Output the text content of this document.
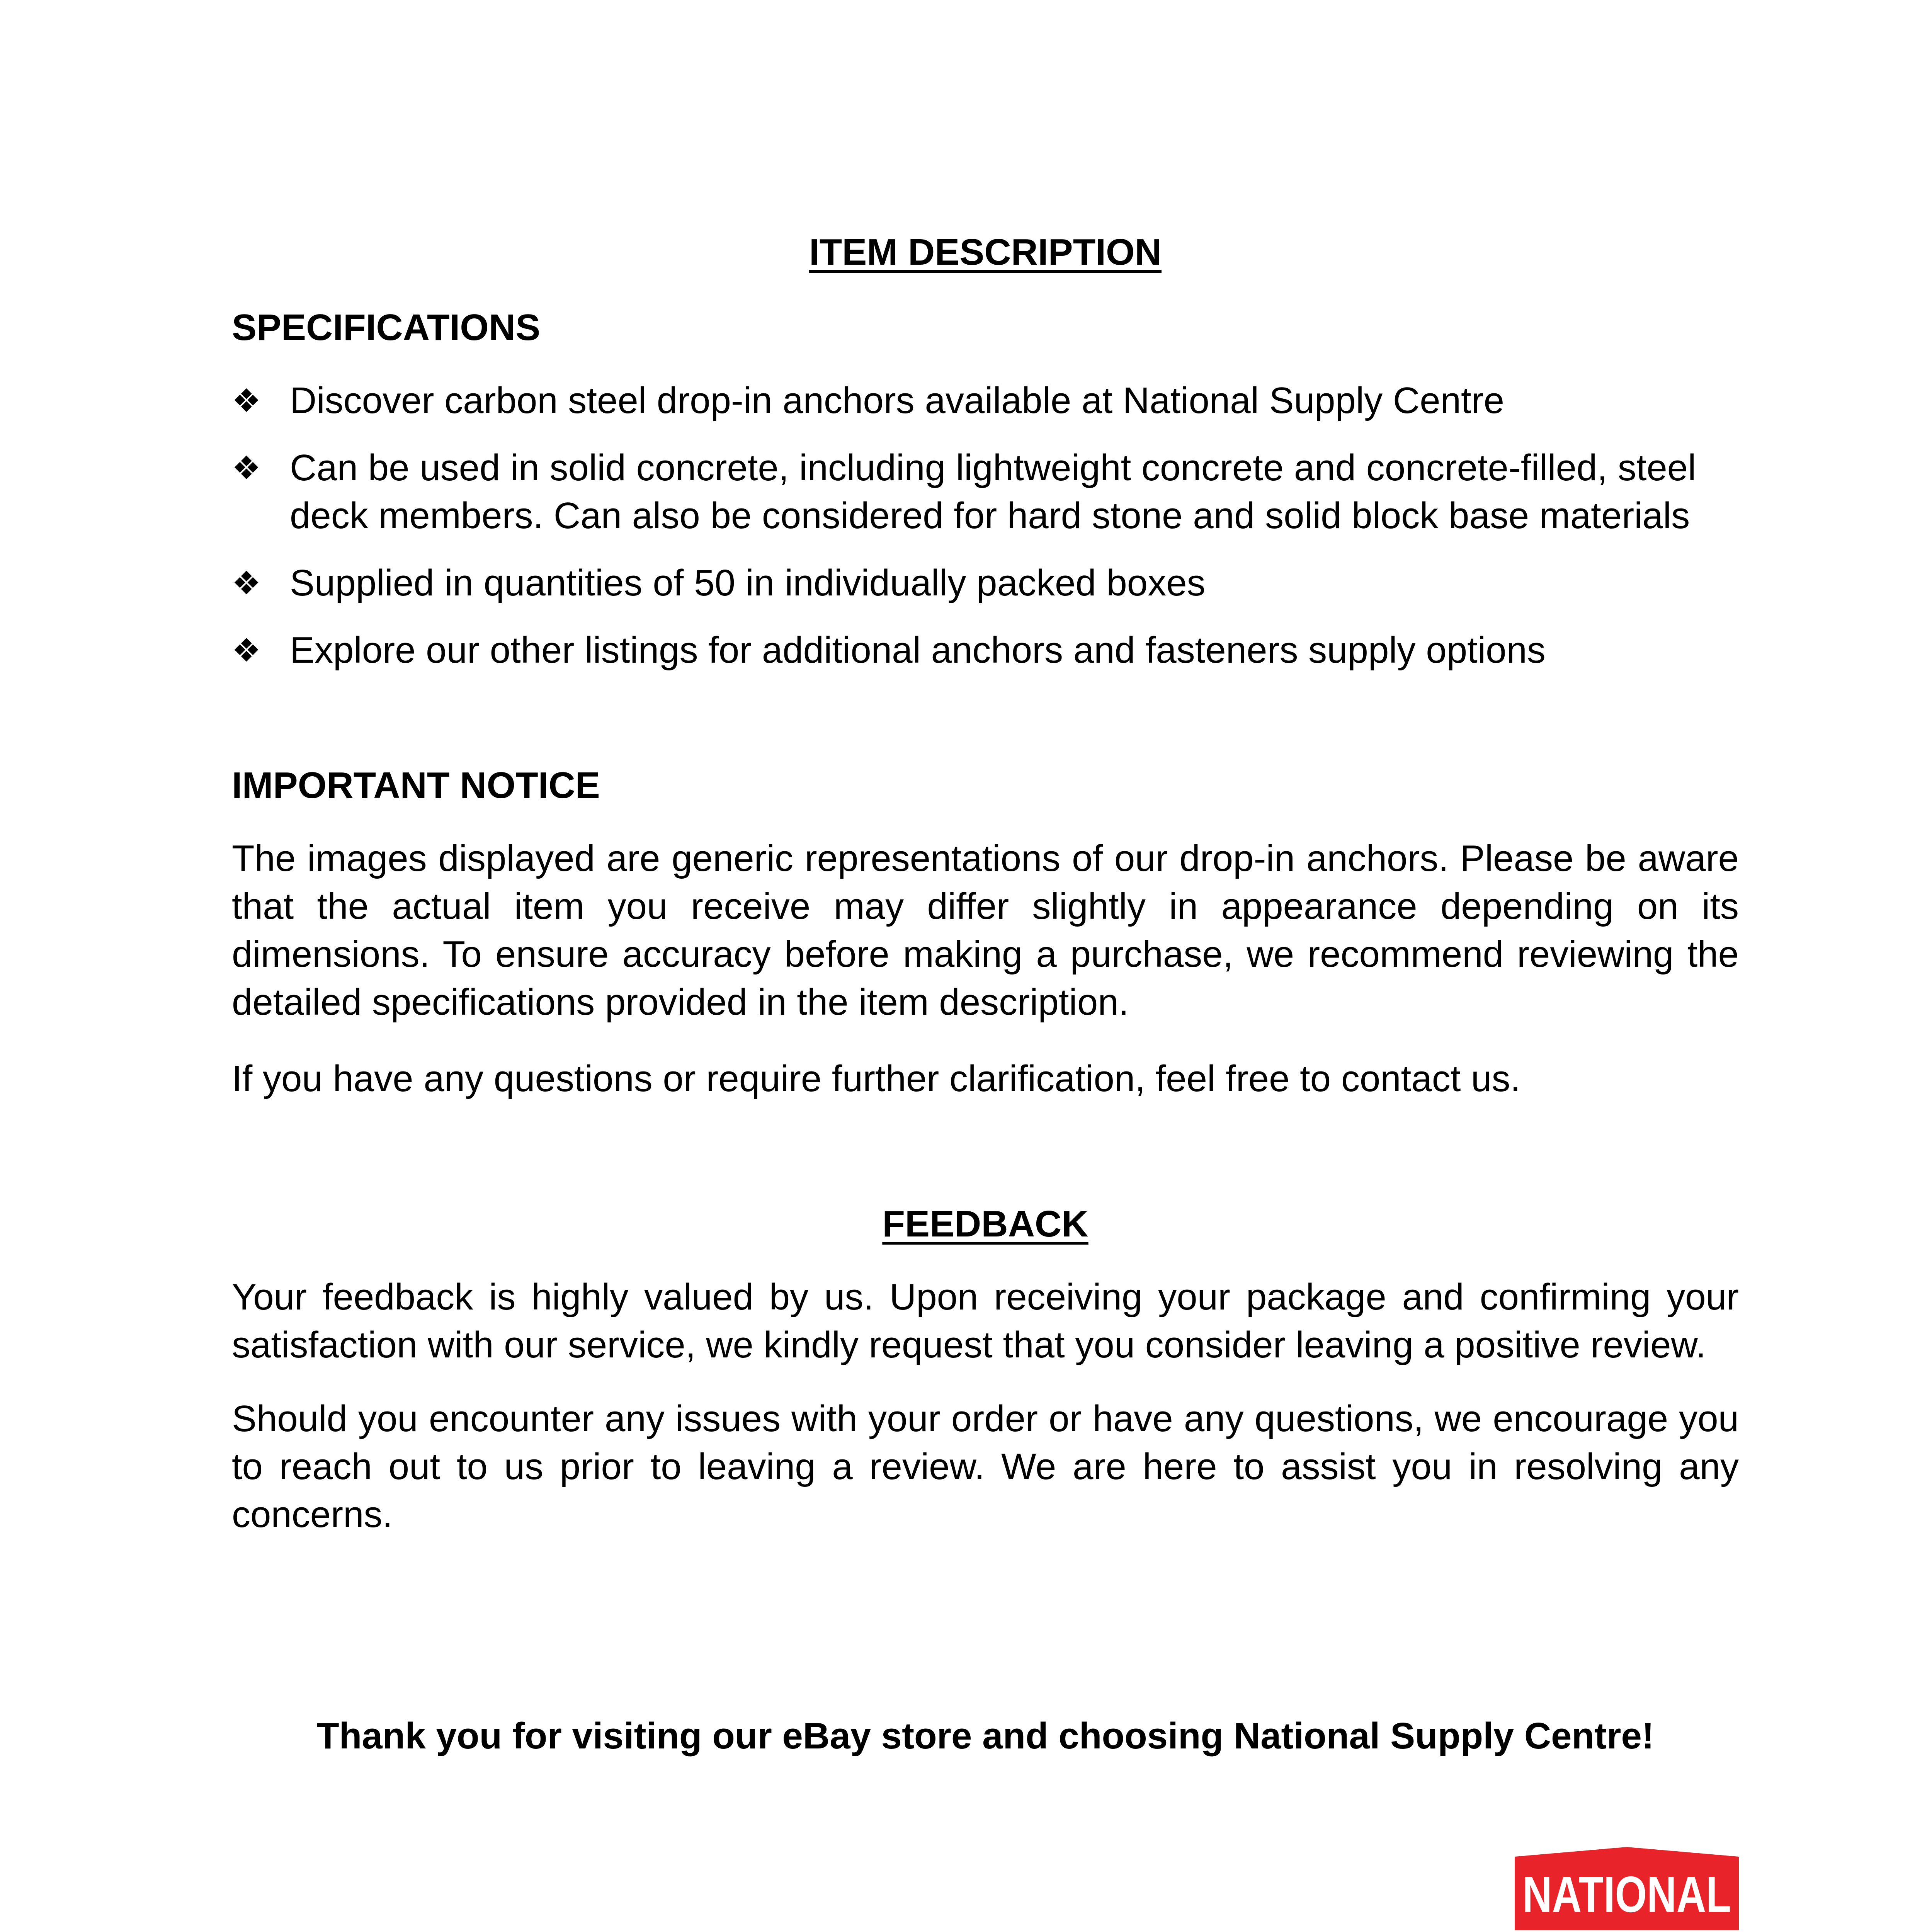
ITEM DESCRIPTION
SPECIFICATIONS
❖ Discover carbon steel drop-in anchors available at National Supply Centre
❖ Can be used in solid concrete, including lightweight concrete and concrete-filled, steel deck members. Can also be considered for hard stone and solid block base materials
❖ Supplied in quantities of 50 in individually packed boxes
❖ Explore our other listings for additional anchors and fasteners supply options
IMPORTANT NOTICE

The images displayed are generic representations of our drop-in anchors. Please be aware that the actual item you receive may differ slightly in appearance depending on its dimensions. To ensure accuracy before making a purchase, we recommend reviewing the detailed specifications provided in the item description.

If you have any questions or require further clarification, feel free to contact us.

FEEDBACK

Your feedback is highly valued by us. Upon receiving your package and confirming your satisfaction with our service, we kindly request that you consider leaving a positive review.

Should you encounter any issues with your order or have any questions, we encourage you to reach out to us prior to leaving a review. We are here to assist you in resolving any concerns.

Thank you for visiting our eBay store and choosing National Supply Centre!

NATIONAL
